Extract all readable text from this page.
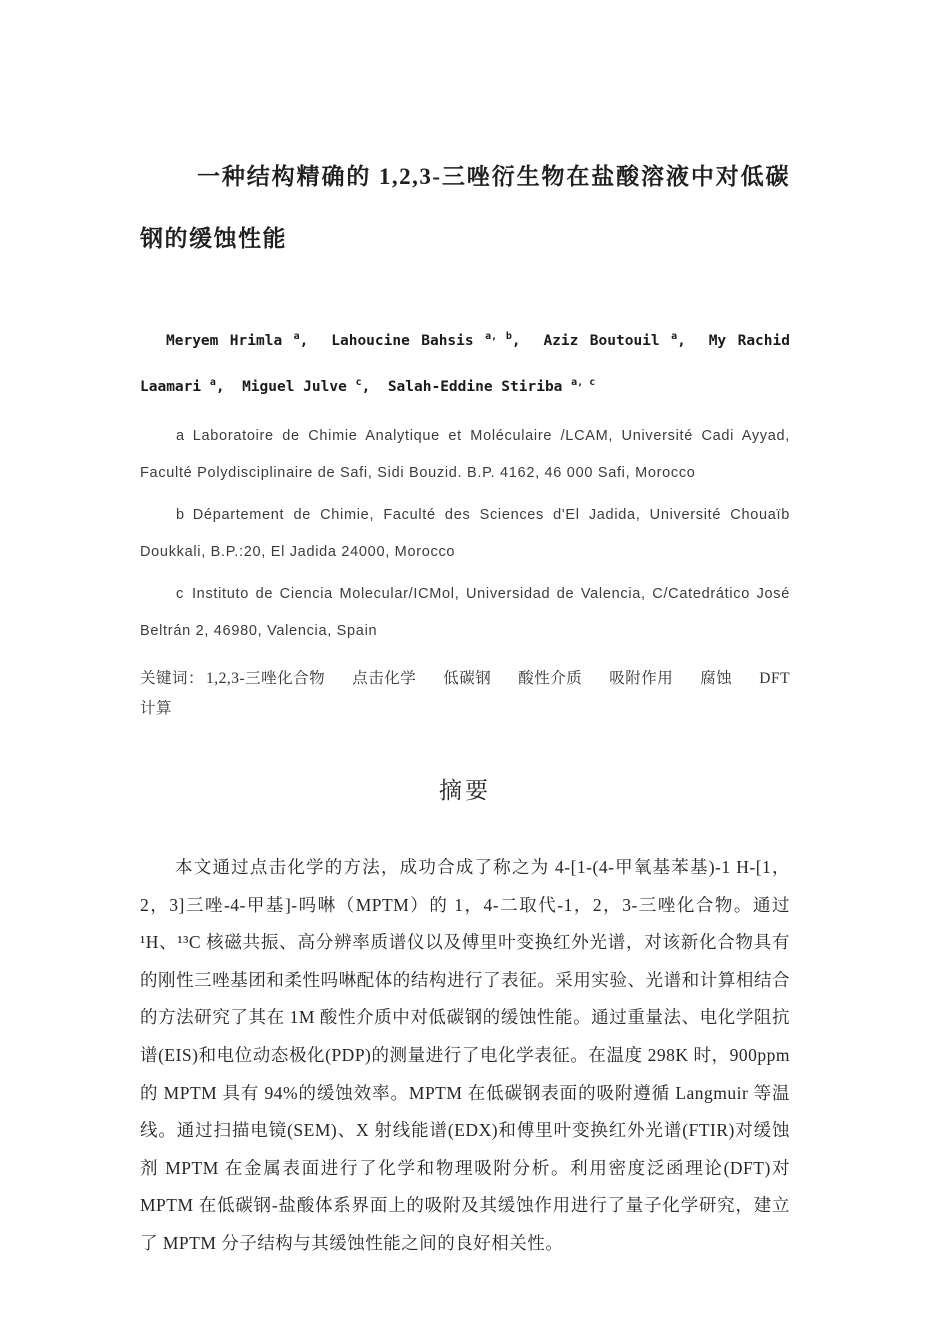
一种结构精确的 1,2,3-三唑衍生物在盐酸溶液中对低碳钢的缓蚀性能

Meryem Hrimla $^a$,  Lahoucine Bahsis $^{a, b}$,  Aziz Boutouil $^a$,  My Rachid Laamari $^a$,  Miguel Julve $^c$,  Salah-Eddine Stiriba $^{a, c}$

a Laboratoire de Chimie Analytique et Moléculaire /LCAM, Université Cadi Ayyad, Faculté Polydisciplinaire de Safi, Sidi Bouzid. B.P. 4162, 46 000 Safi, Morocco

b Département de Chimie, Faculté des Sciences d'El Jadida, Université Chouaïb Doukkali, B.P.:20, El Jadida 24000, Morocco

c Instituto de Ciencia Molecular/ICMol, Universidad de Valencia, C/Catedrático José Beltrán 2, 46980, Valencia, Spain

关键词： 1,2,3-三唑化合物 点击化学 低碳钢 酸性介质 吸附作用 腐蚀 DFT 计算

摘要

本文通过点击化学的方法，成功合成了称之为 4-[1-(4-甲氧基苯基)-1 H-[1，2，3]三唑-4-甲基]-吗啉（MPTM）的 1，4-二取代-1，2，3-三唑化合物。通过 ¹H、¹³C 核磁共振、高分辨率质谱仪以及傅里叶变换红外光谱，对该新化合物具有的刚性三唑基团和柔性吗啉配体的结构进行了表征。采用实验、光谱和计算相结合的方法研究了其在 1M 酸性介质中对低碳钢的缓蚀性能。通过重量法、电化学阻抗谱(EIS)和电位动态极化(PDP)的测量进行了电化学表征。在温度 298K 时，900ppm 的 MPTM 具有 94%的缓蚀效率。MPTM 在低碳钢表面的吸附遵循 Langmuir 等温线。通过扫描电镜(SEM)、X 射线能谱(EDX)和傅里叶变换红外光谱(FTIR)对缓蚀剂 MPTM 在金属表面进行了化学和物理吸附分析。利用密度泛函理论(DFT)对 MPTM 在低碳钢-盐酸体系界面上的吸附及其缓蚀作用进行了量子化学研究，建立了 MPTM 分子结构与其缓蚀性能之间的良好相关性。
